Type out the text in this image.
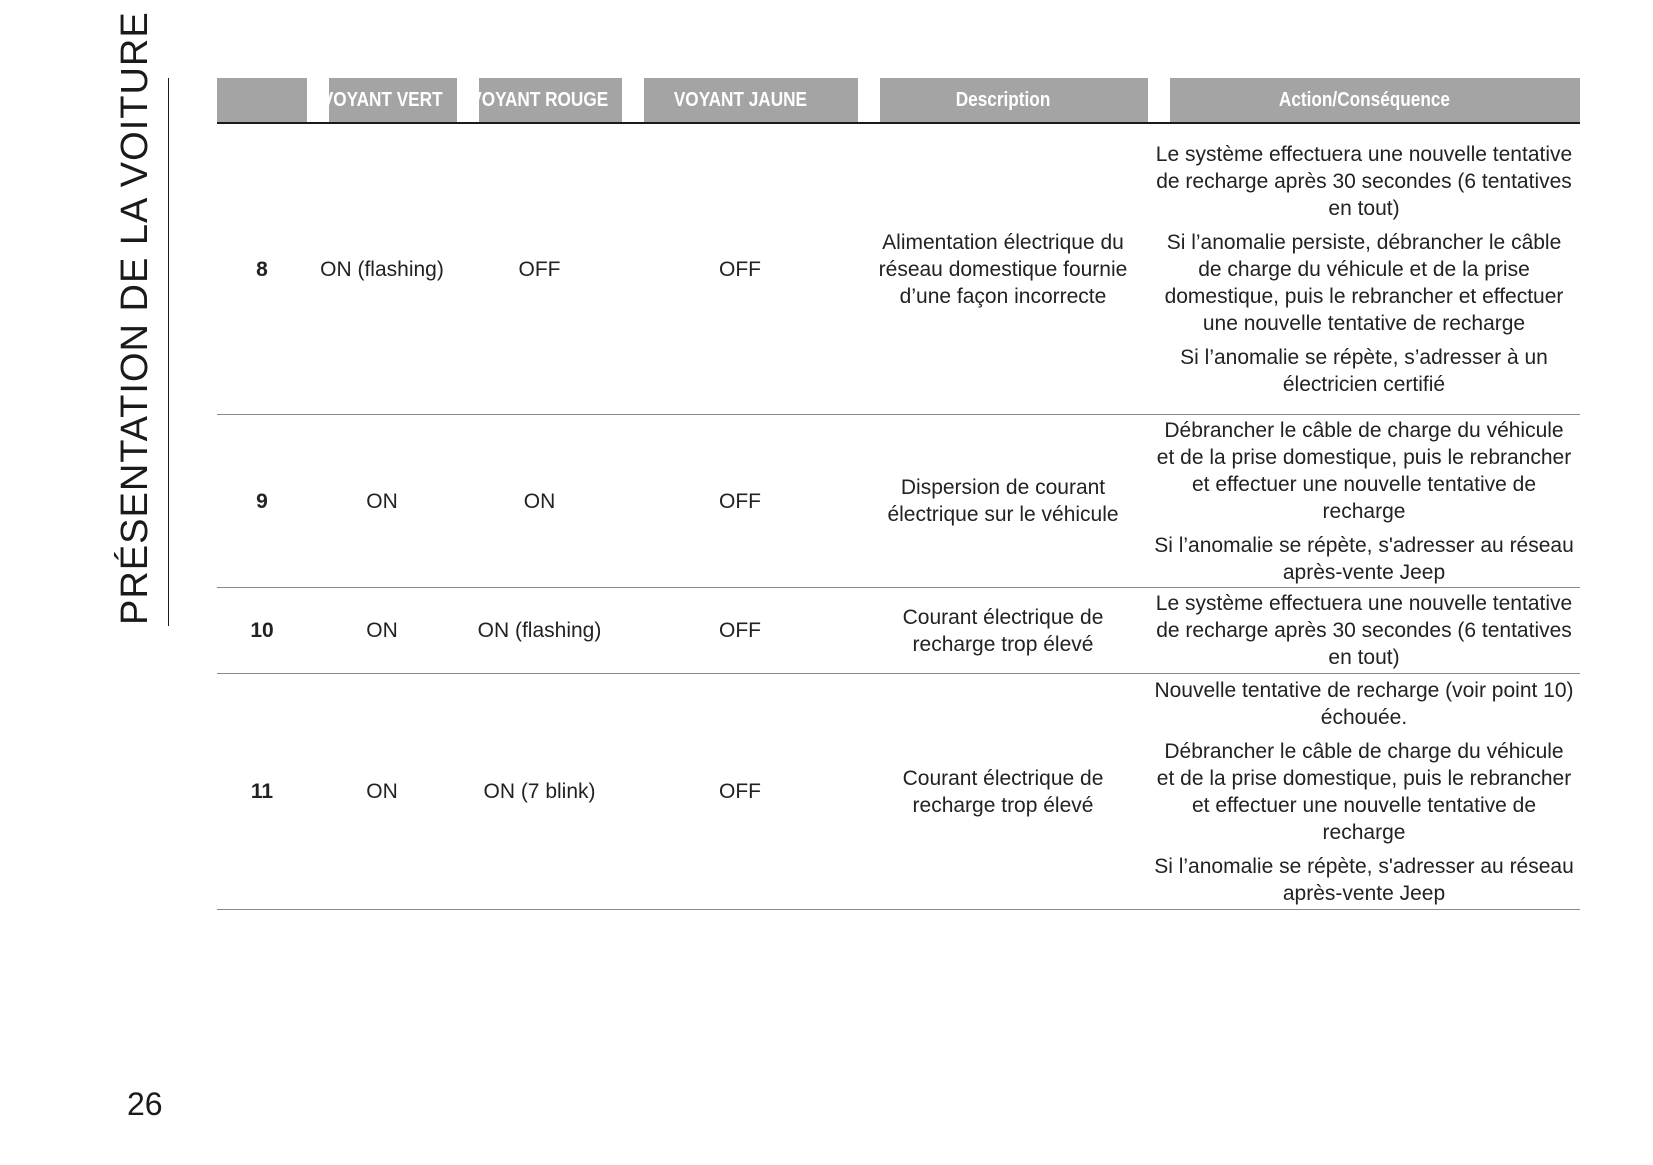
PRÉSENTATION DE LA VOITURE
		VOYANT VERT	VOYANT ROUGE	VOYANT JAUNE	Description	Action/Conséquence
8	ON (flashing)	OFF	OFF	Alimentation électrique du réseau domestique fournie d’une façon incorrecte	Le système effectuera une nouvelle tentative de recharge après 30 secondes (6 tentatives en tout)

Si l’anomalie persiste, débrancher le câble de charge du véhicule et de la prise domestique, puis le rebrancher et effectuer une nouvelle tentative de recharge

Si l’anomalie se répète, s’adresser à un électricien certifié

9	ON	ON	OFF	Dispersion de courant électrique sur le véhicule	Débrancher le câble de charge du véhicule et de la prise domestique, puis le rebrancher et effectuer une nouvelle tentative de recharge

Si l’anomalie se répète, s'adresser au réseau après-vente Jeep

10	ON	ON (flashing)	OFF	Courant électrique de recharge trop élevé	Le système effectuera une nouvelle tentative de recharge après 30 secondes (6 tentatives en tout)

11	ON	ON (7 blink)	OFF	Courant électrique de recharge trop élevé	Nouvelle tentative de recharge (voir point 10) échouée.

Débrancher le câble de charge du véhicule et de la prise domestique, puis le rebrancher et effectuer une nouvelle tentative de recharge

Si l’anomalie se répète, s'adresser au réseau après-vente Jeep

26
